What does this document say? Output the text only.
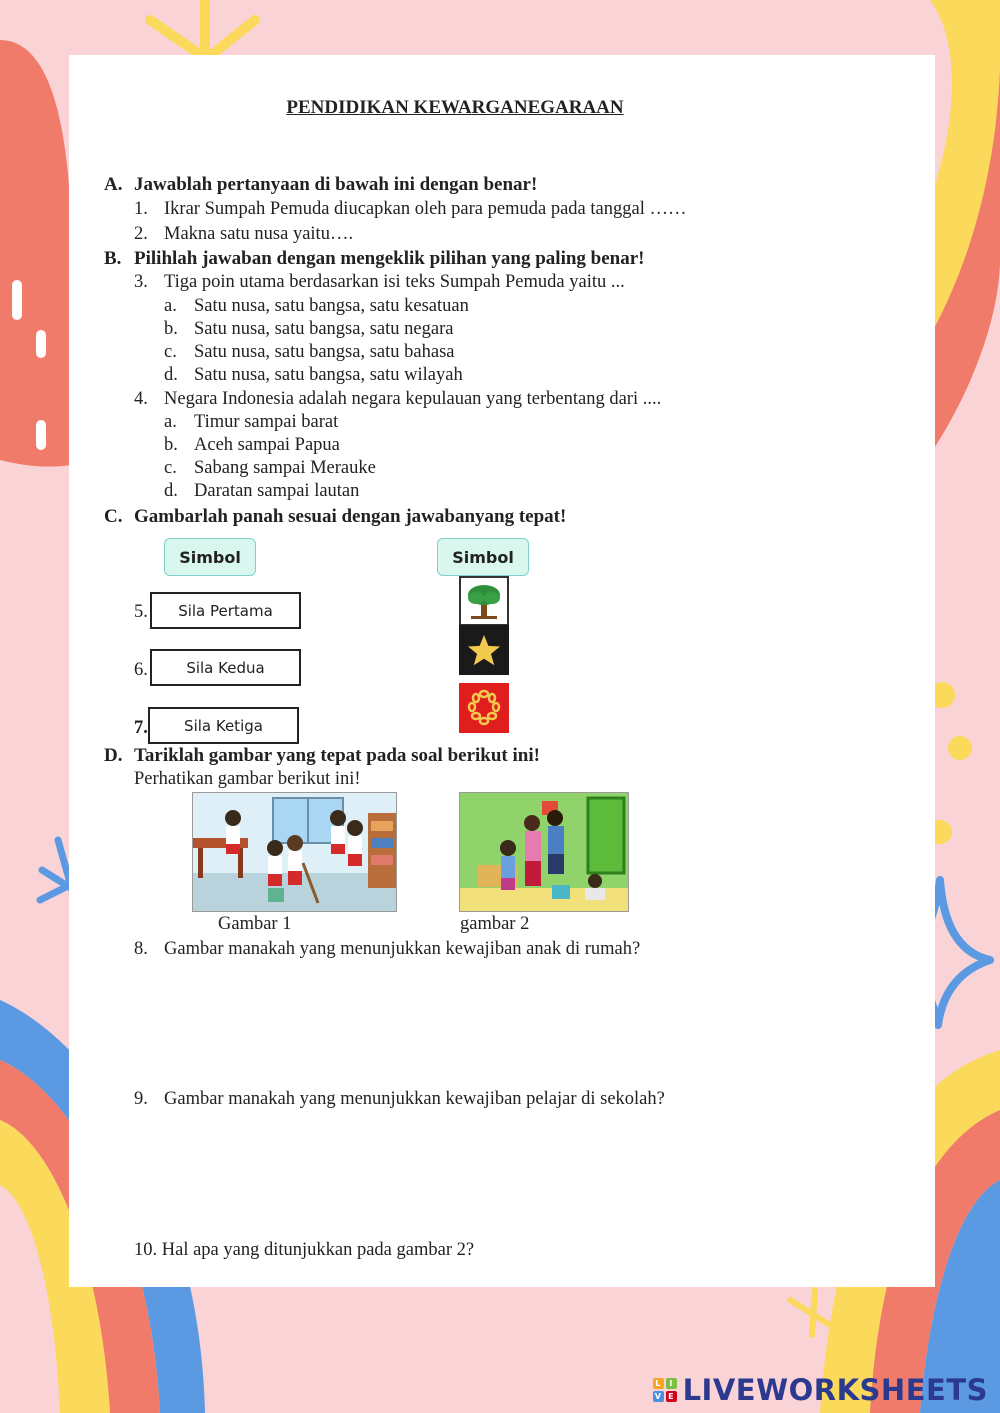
PENDIDIKAN KEWARGANEGARAAN
A. Jawablah pertanyaan di bawah ini dengan benar!
1. Ikrar Sumpah Pemuda diucapkan oleh para pemuda pada tanggal ……
2. Makna satu nusa yaitu….
B. Pilihlah jawaban dengan mengeklik pilihan yang paling benar!
3. Tiga poin utama berdasarkan isi teks Sumpah Pemuda yaitu ...
a. Satu nusa, satu bangsa, satu kesatuan
b. Satu nusa, satu bangsa, satu negara
c. Satu nusa, satu bangsa, satu bahasa
d. Satu nusa, satu bangsa, satu wilayah
4. Negara Indonesia adalah negara kepulauan yang terbentang dari ....
a. Timur sampai barat
b. Aceh sampai Papua
c. Sabang sampai Merauke
d. Daratan sampai lautan
C. Gambarlah panah sesuai dengan jawabanyang tepat!
Simbol	Simbol
5.	Sila Pertama
6.	Sila Kedua
7.	Sila Ketiga
D. Tariklah gambar yang tepat pada soal berikut ini!
Perhatikan gambar berikut ini!
Gambar 1	gambar 2
8. Gambar manakah yang menunjukkan kewajiban anak di rumah?
9. Gambar manakah yang menunjukkan kewajiban pelajar di sekolah?
10. Hal apa yang ditunjukkan pada gambar 2?
L	I
V E LIVEWORKSHEETS
